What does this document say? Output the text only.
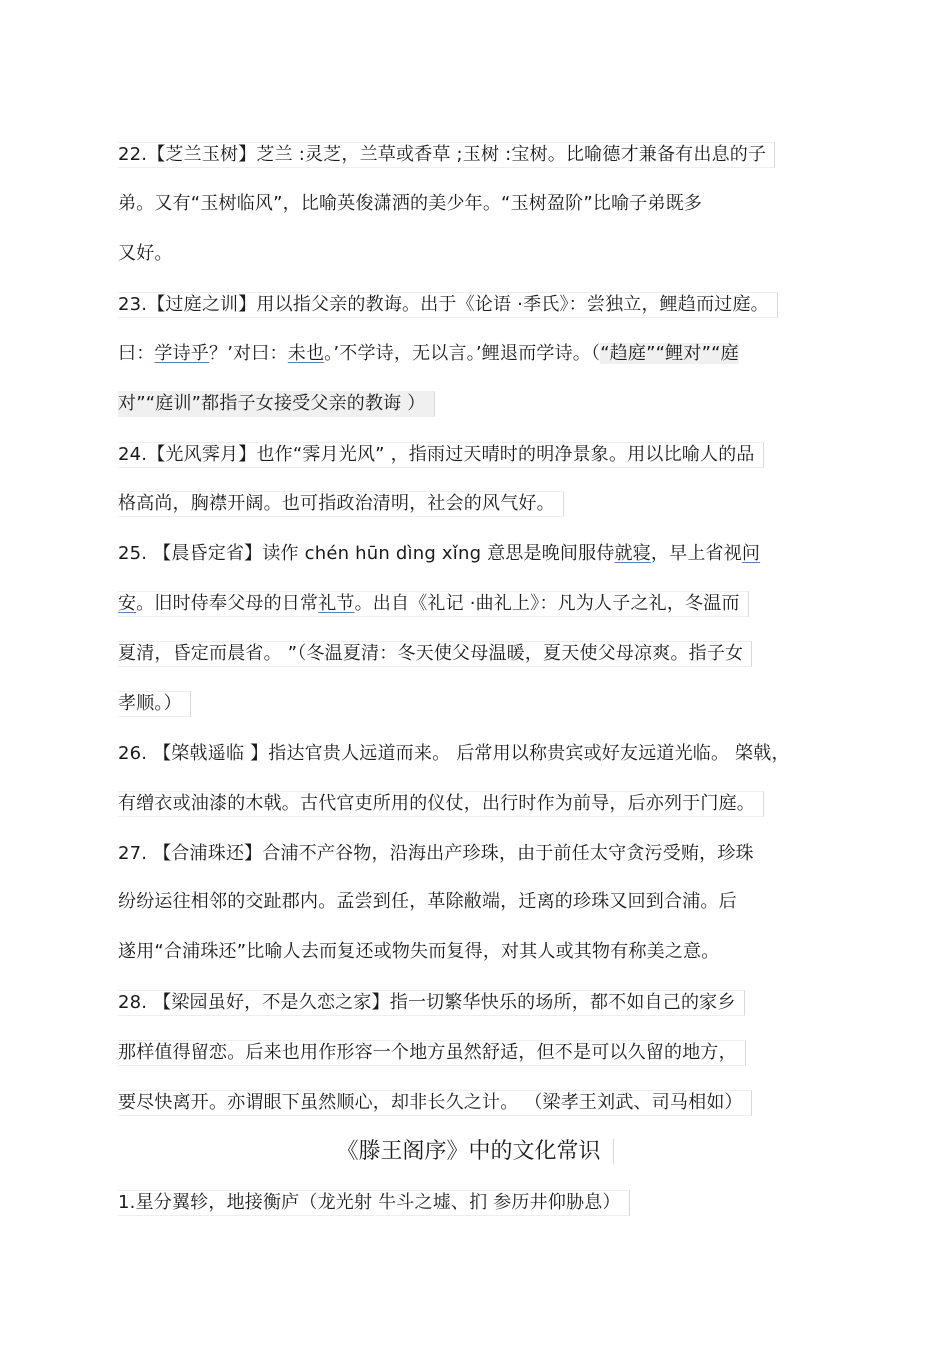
22.【芝兰玉树】芝兰 :灵芝，兰草或香草 ;玉树 :宝树。比喻德才兼备有出息的子
弟。又有“玉树临风”，比喻英俊潇洒的美少年。“玉树盈阶”比喻子弟既多
又好。
23.【过庭之训】用以指父亲的教诲。出于《论语 ·季氏》：尝独立，鲤趋而过庭。
曰：学诗乎？’对曰：未也。’不学诗，无以言。’鲤退而学诗。（“趋庭”“鲤对”“庭
对”“庭训”都指子女接受父亲的教诲 ）
24.【光风霁月】也作“霁月光风” ，指雨过天晴时的明净景象。用以比喻人的品
格高尚，胸襟开阔。也可指政治清明，社会的风气好。
25. 【晨昏定省】读作 chén hūn dìng xǐng 意思是晚间服侍就寝，早上省视问
安。旧时侍奉父母的日常礼节。出自《礼记 ·曲礼上》：凡为人子之礼，冬温而
夏清，昏定而晨省。 ”（冬温夏清：冬天使父母温暖，夏天使父母凉爽。指子女
孝顺。）
26. 【棨戟遥临 】指达官贵人远道而来。 后常用以称贵宾或好友远道光临。 棨戟，
有缯衣或油漆的木戟。古代官吏所用的仪仗，出行时作为前导，后亦列于门庭。
27. 【合浦珠还】合浦不产谷物，沿海出产珍珠，由于前任太守贪污受贿，珍珠
纷纷运往相邻的交趾郡内。孟尝到任，革除敝端，迁离的珍珠又回到合浦。后
遂用“合浦珠还”比喻人去而复还或物失而复得，对其人或其物有称美之意。
28. 【梁园虽好，不是久恋之家】指一切繁华快乐的场所，都不如自己的家乡
那样值得留恋。后来也用作形容一个地方虽然舒适，但不是可以久留的地方，
要尽快离开。亦谓眼下虽然顺心，却非长久之计。 （梁孝王刘武、司马相如）
《滕王阁序》中的文化常识
1.星分翼轸，地接衡庐（龙光射 牛斗之墟、扪 参历井仰胁息）
